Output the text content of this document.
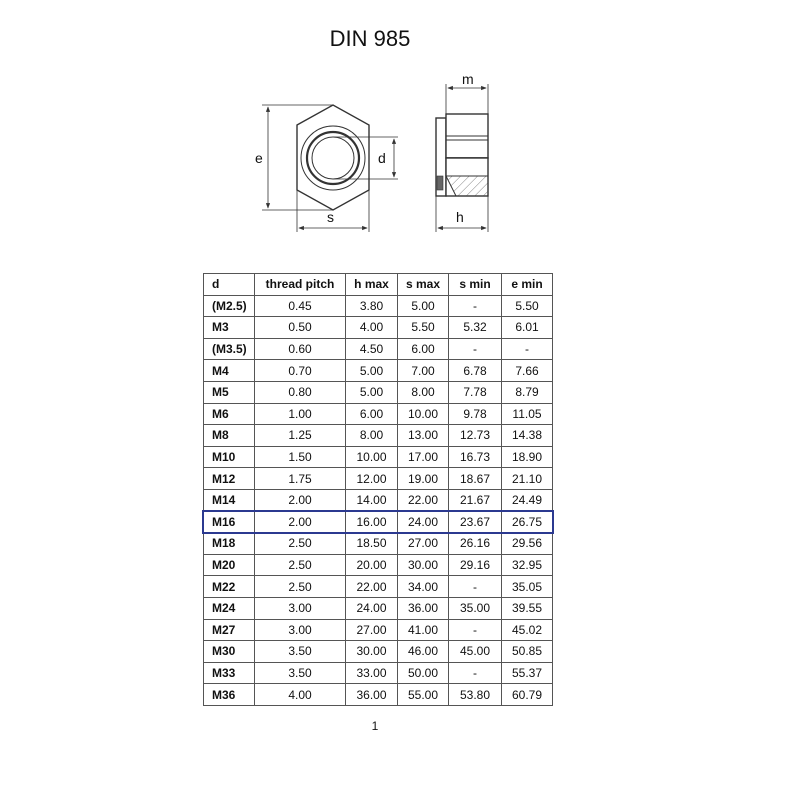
DIN 985
e
s
d
m
h
d	thread pitch	h max	s max	s min	e min
(M2.5)	0.45	3.80	5.00	-	5.50
M3	0.50	4.00	5.50	5.32	6.01
(M3.5)	0.60	4.50	6.00	-	-
M4	0.70	5.00	7.00	6.78	7.66
M5	0.80	5.00	8.00	7.78	8.79
M6	1.00	6.00	10.00	9.78	11.05
M8	1.25	8.00	13.00	12.73	14.38
M10	1.50	10.00	17.00	16.73	18.90
M12	1.75	12.00	19.00	18.67	21.10
M14	2.00	14.00	22.00	21.67	24.49
M16	2.00	16.00	24.00	23.67	26.75
M18	2.50	18.50	27.00	26.16	29.56
M20	2.50	20.00	30.00	29.16	32.95
M22	2.50	22.00	34.00	-	35.05
M24	3.00	24.00	36.00	35.00	39.55
M27	3.00	27.00	41.00	-	45.02
M30	3.50	30.00	46.00	45.00	50.85
M33	3.50	33.00	50.00	-	55.37
M36	4.00	36.00	55.00	53.80	60.79
1
